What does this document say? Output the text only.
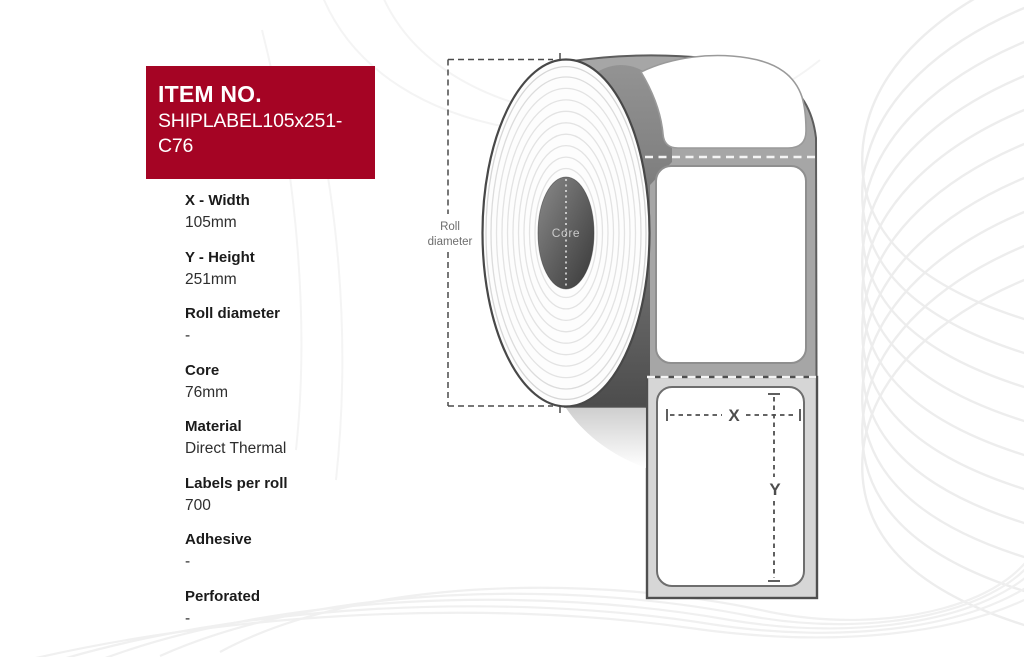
Roll
diameter
X
Y
Core
ITEM NO.
SHIPLABEL105x251-C76
X - Width
105mm
Y - Height
251mm
Roll diameter
-
Core
76mm
Material
Direct Thermal
Labels per roll
700
Adhesive
-
Perforated
-
